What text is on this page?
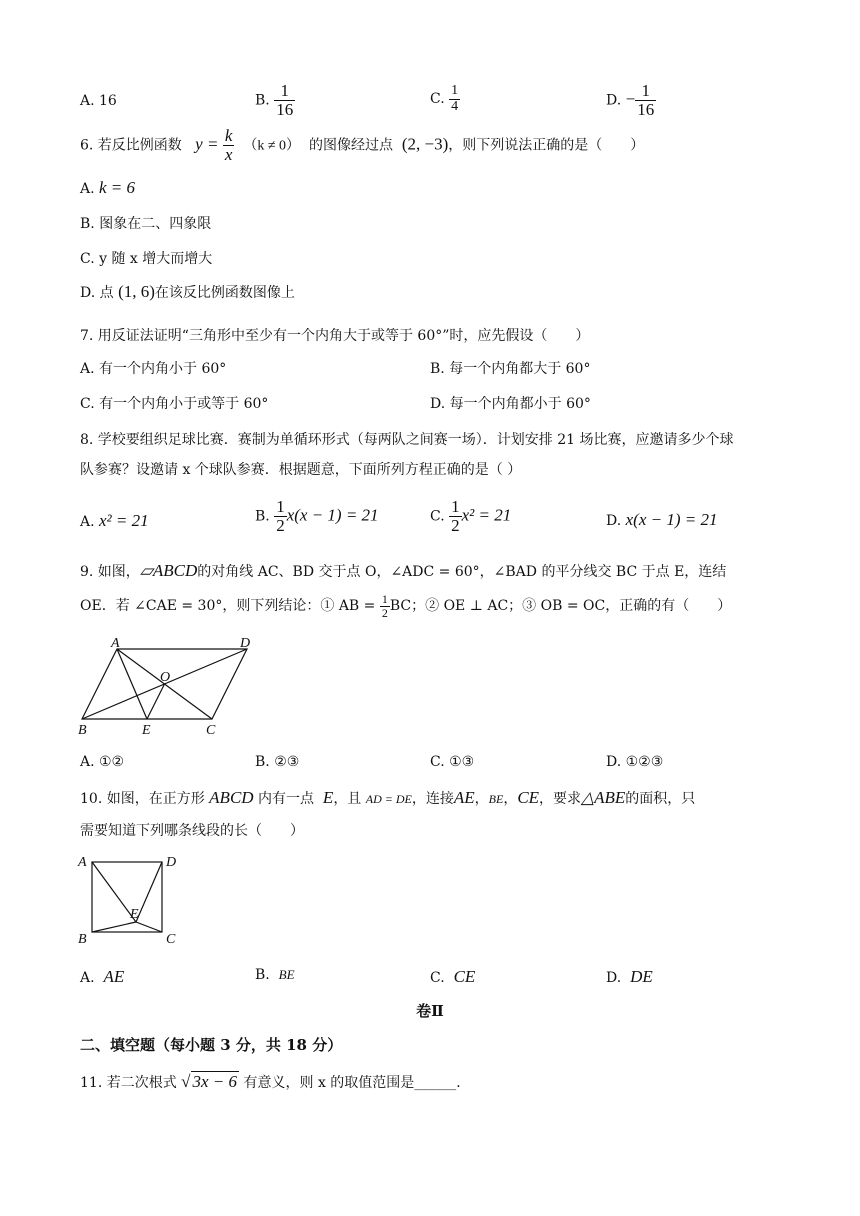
A. 16	B. $\frac{1}{16}$	C. $\frac{1}{4}$	D. − $\frac{1}{16}$
6. 若反比例函数 $y = \frac{k}{x} (k \ne 0)$ 的图像经过点 (2, −3)，则下列说法正确的是（　　）
A. k = 6
B. 图象在二、四象限
C. y 随 x 增大而增大
D. 点 (1, 6)在该反比例函数图像上
7. 用反证法证明“三角形中至少有一个内角大于或等于 60°”时，应先假设（　　）
A. 有一个内角小于 60°	B. 每一个内角都大于 60°
C. 有一个内角小于或等于 60°	D. 每一个内角都小于 60°
8. 学校要组织足球比赛．赛制为单循环形式（每两队之间赛一场）．计划安排 21 场比赛，应邀请多少个球
队参赛？设邀请 x 个球队参赛．根据题意，下面所列方程正确的是（ ）
A. x² = 21	B. $\frac{1}{2} x(x - 1) = 21$	C. $\frac{1}{2} x^2 = 21$	D. x(x − 1) = 21
9. 如图，▱ABCD的对角线 AC、BD 交于点 O，∠ADC = 60°，∠BAD 的平分线交 BC 于点 E，连结
OE．若 ∠CAE = 30°，则下列结论：① AB = $\frac{1}{2}$ BC；② OE ⊥ AC；③ OB = OC，正确的有（　　）
A	D
O
B	E	C
A. ①②	B. ②③	C. ①③	D. ①②③
10. 如图，在正方形 ABCD 内有一点 E，且 AD = DE，连接AE，BE，CE，要求△ABE的面积，只
需要知道下列哪条线段的长（　　）
A	D
E
B	C
A. AE	B. BE	C. CE	D. DE
卷Ⅱ
二、填空题（每小题 3 分，共 18 分）
11. 若二次根式 √ 3x − 6 有意义，则 x 的取值范围是______．
